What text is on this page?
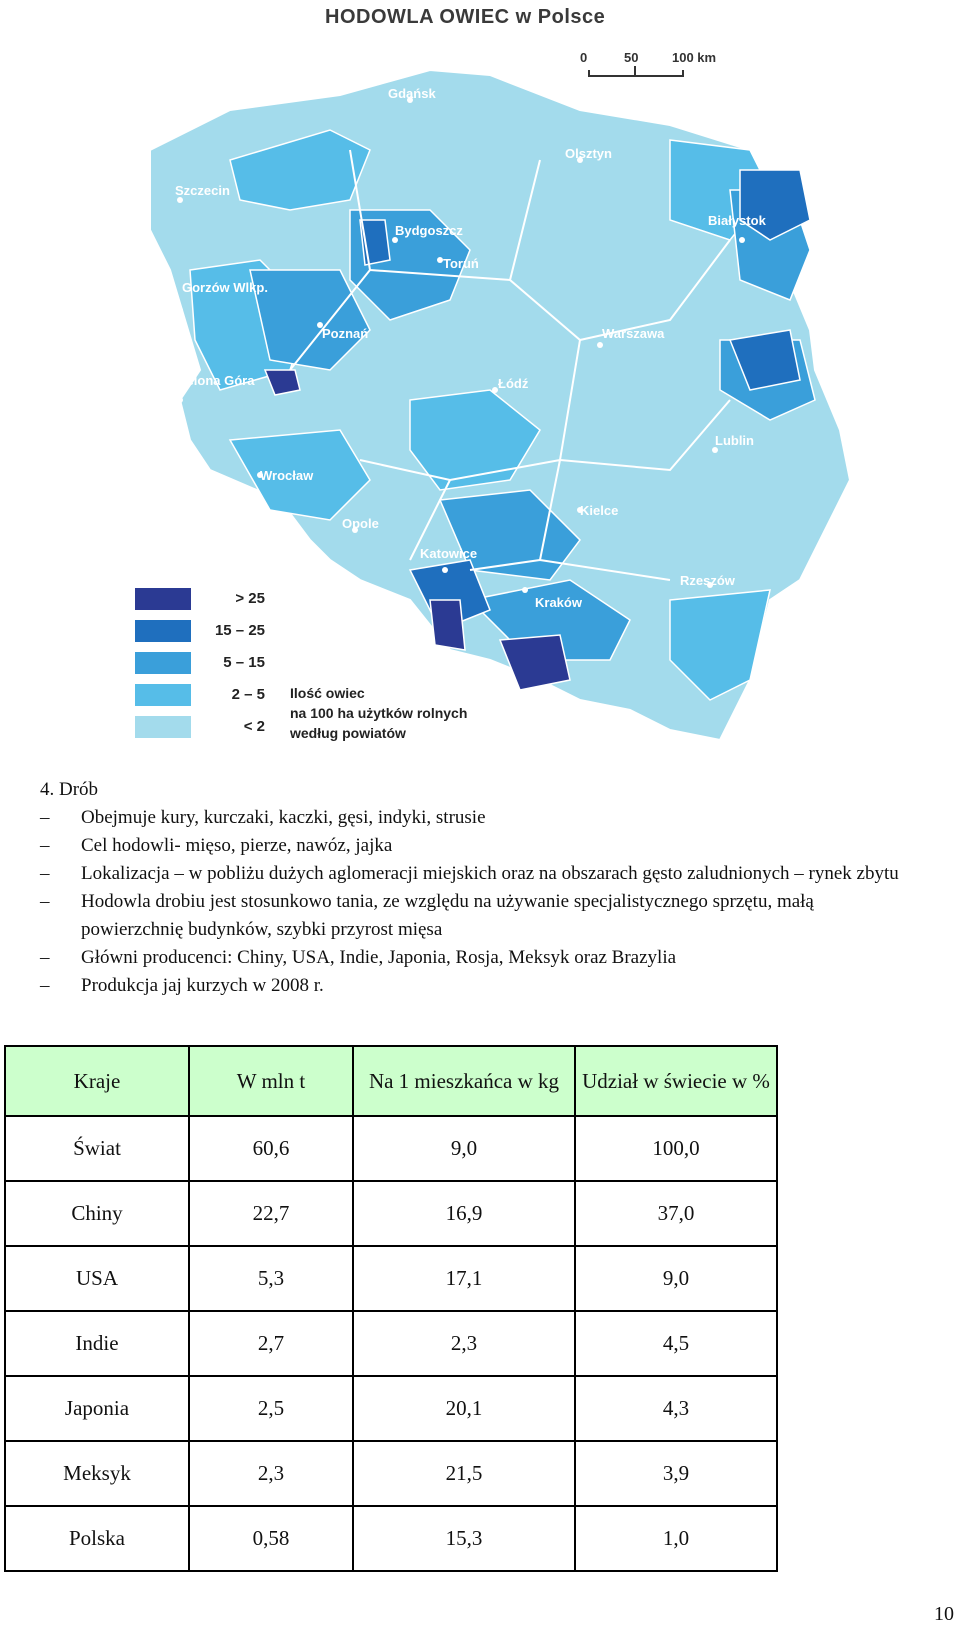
HODOWLA OWIEC w Polsce
0	50	100 km
Gdańsk
Olsztyn
Szczecin
Białystok
Bydgoszcz
Toruń
Gorzów Wlkp.
Poznań	Warszawa
Zielona Góra	Łódź
Lublin
Wrocław
Kielce
Opole
Katowice
Rzeszów
Kraków
> 25
15 – 25
5 – 15
2 – 5
< 2
Ilość owiec
na 100 ha użytków rolnych
według powiatów
4. Drób
– Obejmuje kury, kurczaki, kaczki, gęsi, indyki, strusie
– Cel hodowli- mięso, pierze, nawóz, jajka
– Lokalizacja – w pobliżu dużych aglomeracji miejskich oraz na obszarach gęsto zaludnionych – rynek zbytu
– Hodowla drobiu jest stosunkowo tania, ze względu na używanie specjalistycznego sprzętu, małą powierzchnię budynków, szybki przyrost mięsa
– Główni producenci: Chiny, USA, Indie, Japonia, Rosja, Meksyk oraz Brazylia
– Produkcja jaj kurzych w 2008 r.
Kraje	W mln t	Na 1 mieszkańca w kg	Udział w świecie w %
Świat	60,6	9,0	100,0
Chiny	22,7	16,9	37,0
USA	5,3	17,1	9,0
Indie	2,7	2,3	4,5
Japonia	2,5	20,1	4,3
Meksyk	2,3	21,5	3,9
Polska	0,58	15,3	1,0
10
